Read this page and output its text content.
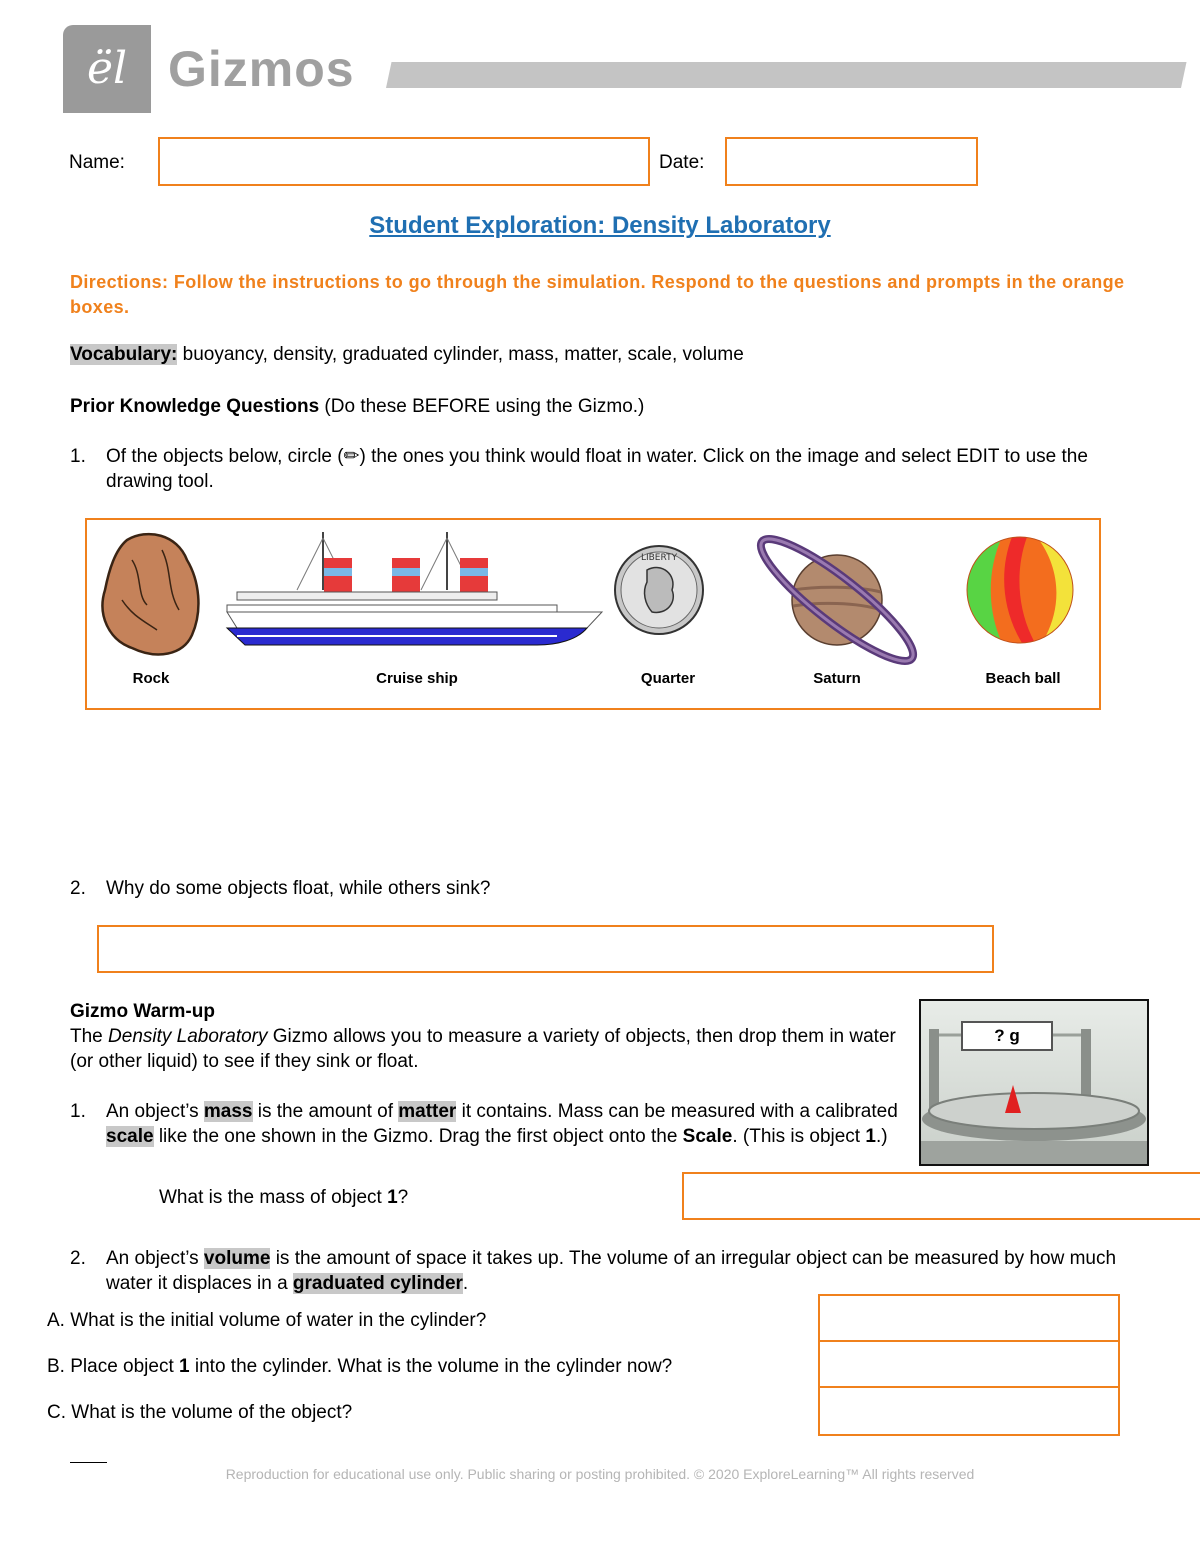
ël Gizmos
Name:	Date:
Student Exploration: Density Laboratory
Directions: Follow the instructions to go through the simulation. Respond to the questions and prompts in the orange boxes.
Vocabulary: buoyancy, density, graduated cylinder, mass, matter, scale, volume
Prior Knowledge Questions (Do these BEFORE using the Gizmo.)
1. Of the objects below, circle (✏) the ones you think would float in water. Click on the image and select EDIT to use the drawing tool.
LIBERTY
Rock	Cruise ship	Quarter	Saturn	Beach ball
2. Why do some objects float, while others sink?
Gizmo Warm-up
The Density Laboratory Gizmo allows you to measure a variety of objects, then drop them in water (or other liquid) to see if they sink or float.
? g
1. An object’s mass is the amount of matter it contains. Mass can be measured with a calibrated scale like the one shown in the Gizmo. Drag the first object onto the Scale. (This is object 1.)
What is the mass of object 1?
2. An object’s volume is the amount of space it takes up. The volume of an irregular object can be measured by how much water it displaces in a graduated cylinder.
A. What is the initial volume of water in the cylinder?
B. Place object 1 into the cylinder. What is the volume in the cylinder now?
C. What is the volume of the object?
Reproduction for educational use only. Public sharing or posting prohibited. © 2020 ExploreLearning™ All rights reserved
